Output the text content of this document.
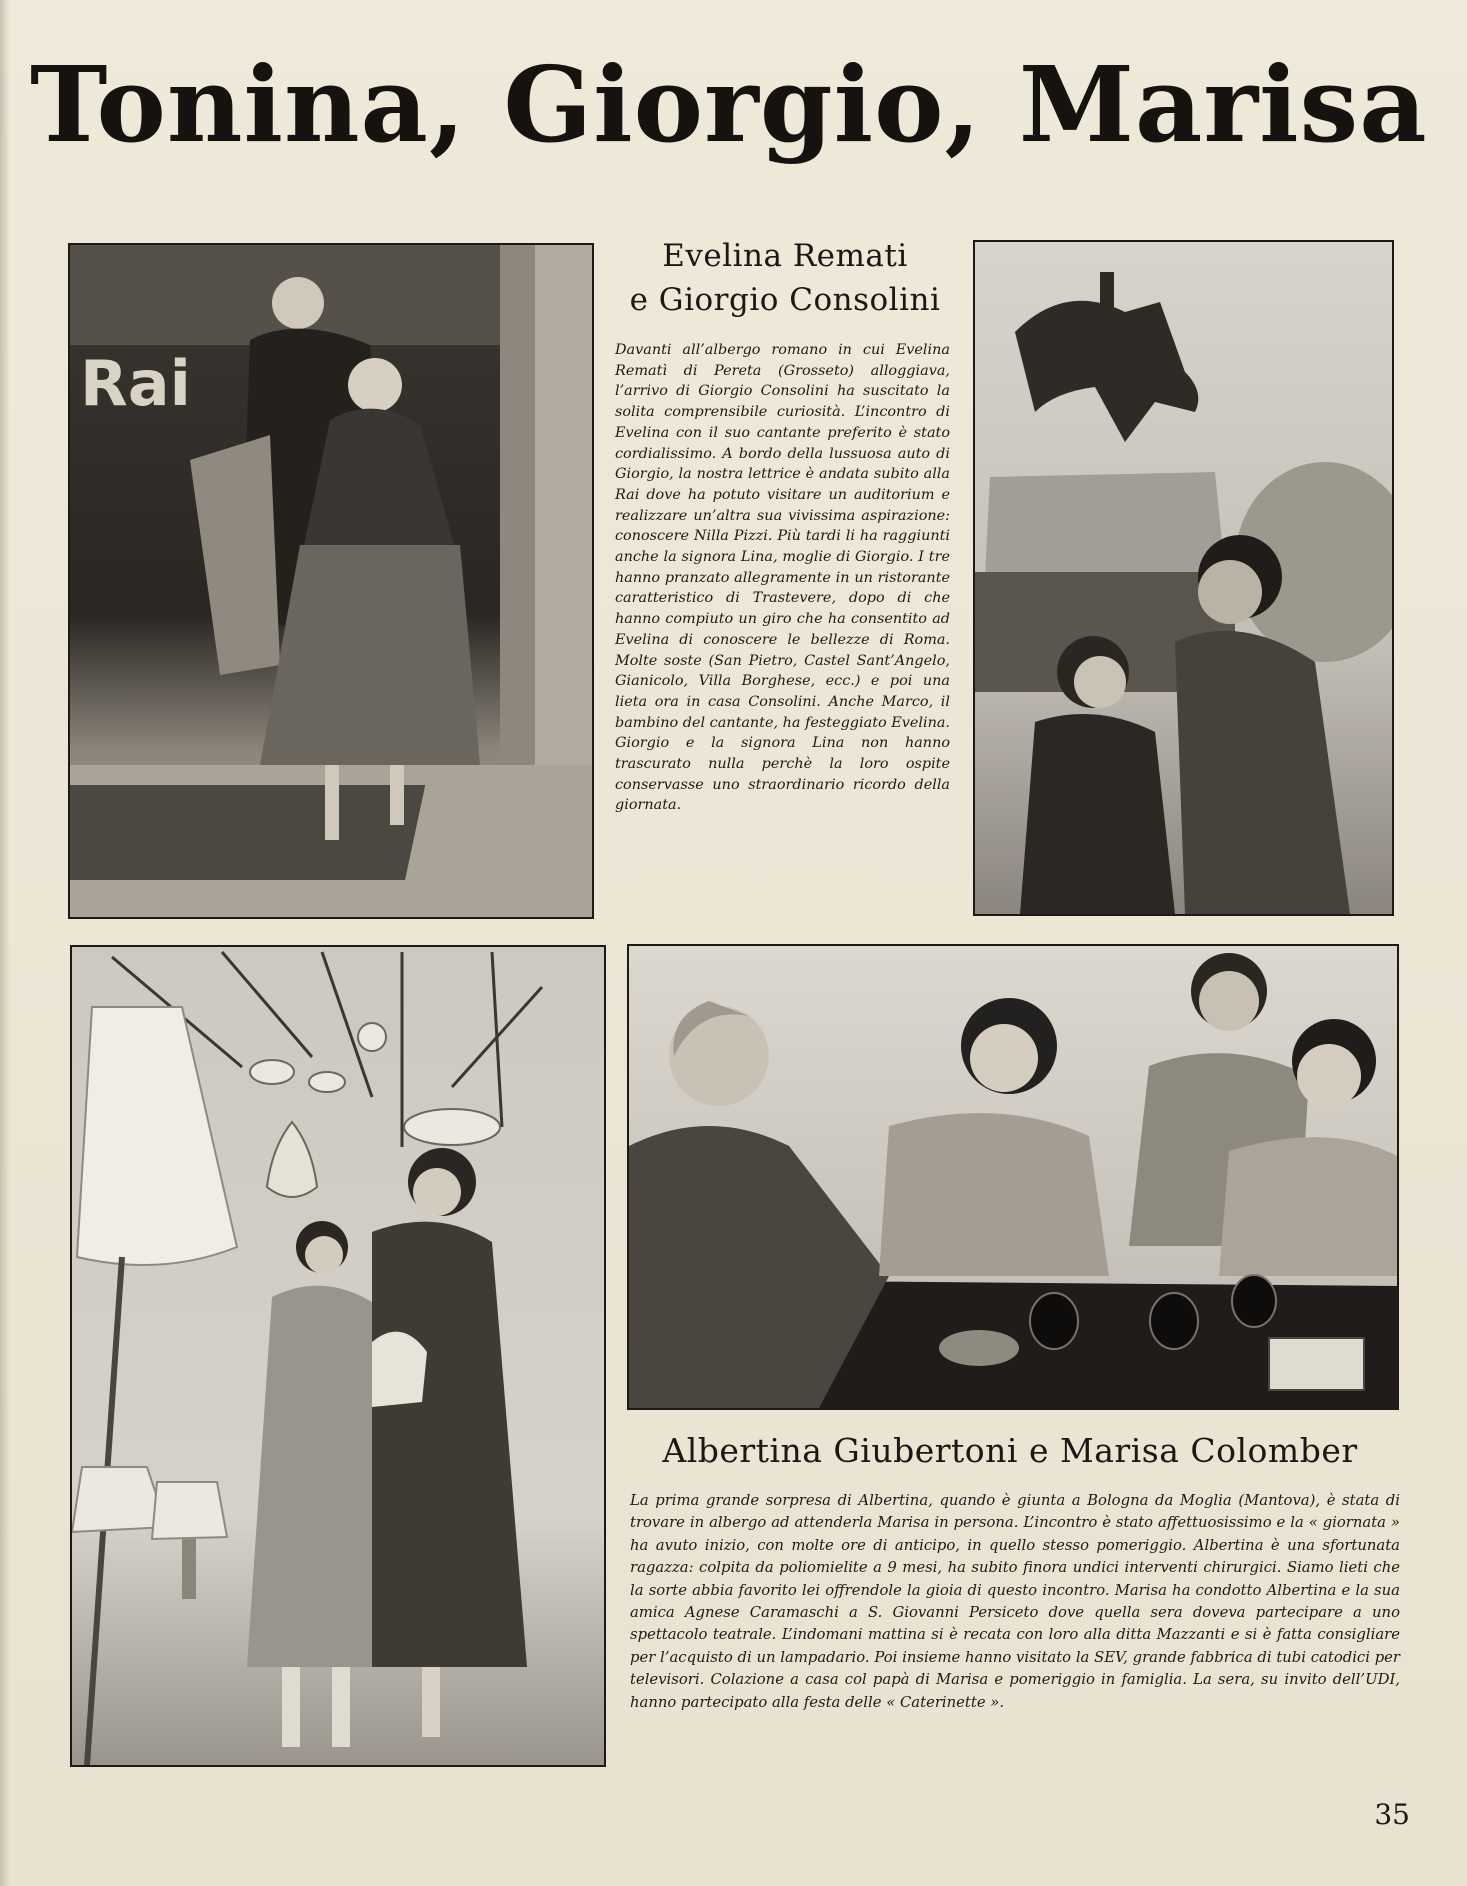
Tonina, Giorgio, Marisa
Rai
Evelina Remati
e Giorgio Consolini
Davanti all’albergo romano in cui Evelina Rematì di Pereta (Grosseto) alloggiava, l’arrivo di Giorgio Consolini ha suscitato la solita comprensibile curiosità. L’incontro di Evelina con il suo cantante preferito è stato cordialissimo. A bordo della lussuosa auto di Giorgio, la nostra lettrice è andata subito alla Rai dove ha potuto visitare un auditorium e realizzare un’altra sua vivissima aspirazione: conoscere Nilla Pizzi. Più tardi li ha raggiunti anche la signora Lina, moglie di Giorgio. I tre hanno pranzato allegramente in un ristorante caratteristico di Trastevere, dopo di che hanno compiuto un giro che ha consentito ad Evelina di conoscere le bellezze di Roma. Molte soste (San Pietro, Castel Sant’Angelo, Gianicolo, Villa Borghese, ecc.) e poi una lieta ora in casa Consolini. Anche Marco, il bambino del cantante, ha festeggiato Evelina. Giorgio e la signora Lina non hanno trascurato nulla perchè la loro ospite conservasse uno straordinario ricordo della giornata.
Albertina Giubertoni e Marisa Colomber
La prima grande sorpresa di Albertina, quando è giunta a Bologna da Moglia (Mantova), è stata di trovare in albergo ad attenderla Marisa in persona. L’incontro è stato affettuosissimo e la « giornata » ha avuto inizio, con molte ore di anticipo, in quello stesso pomeriggio. Albertina è una sfortunata ragazza: colpita da poliomielite a 9 mesi, ha subito finora undici interventi chirurgici. Siamo lieti che la sorte abbia favorito lei offrendole la gioia di questo incontro. Marisa ha condotto Albertina e la sua amica Agnese Caramaschi a S. Giovanni Persiceto dove quella sera doveva partecipare a uno spettacolo teatrale. L’indomani mattina si è recata con loro alla ditta Mazzanti e si è fatta consigliare per l’acquisto di un lampadario. Poi insieme hanno visitato la SEV, grande fabbrica di tubi catodici per televisori. Colazione a casa col papà di Marisa e pomeriggio in famiglia. La sera, su invito dell’UDI, hanno partecipato alla festa delle « Caterinette ».
35
